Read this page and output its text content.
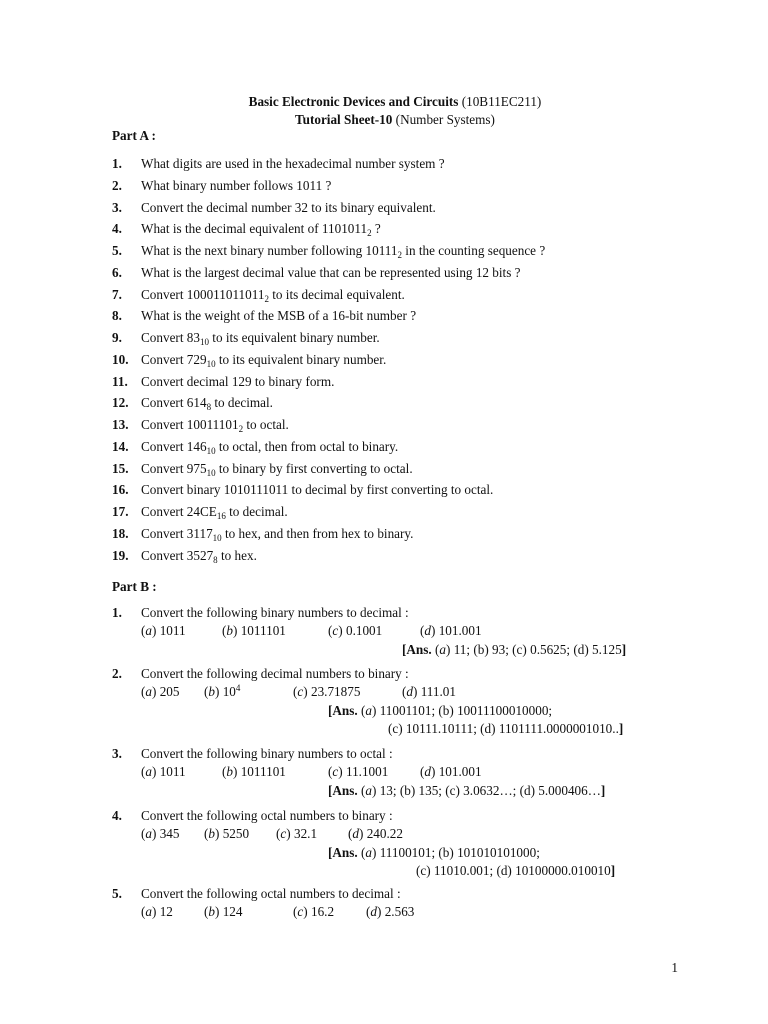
Basic Electronic Devices and Circuits (10B11EC211)
Tutorial Sheet-10 (Number Systems)
Part A :
1. What digits are used in the hexadecimal number system ?
2. What binary number follows 1011 ?
3. Convert the decimal number 32 to its binary equivalent.
4. What is the decimal equivalent of $1101011_2$ ?
5. What is the next binary number following $10111_2$ in the counting sequence ?
6. What is the largest decimal value that can be represented using 12 bits ?
7. Convert $100011011011_2$ to its decimal equivalent.
8. What is the weight of the MSB of a 16-bit number ?
9. Convert $83_{10}$ to its equivalent binary number.
10. Convert $729_{10}$ to its equivalent binary number.
11. Convert decimal 129 to binary form.
12. Convert $614_8$ to decimal.
13. Convert $10011101_2$ to octal.
14. Convert $146_{10}$ to octal, then from octal to binary.
15. Convert $975_{10}$ to binary by first converting to octal.
16. Convert binary 1010111011 to decimal by first converting to octal.
17. Convert $24CE_{16}$ to decimal.
18. Convert $3117_{10}$ to hex, and then from hex to binary.
19. Convert $3527_8$ to hex.
Part B :
1. Convert the following binary numbers to decimal :
(a) 1011	(b) 1011101	(c) 0.1001	(d) 101.001
[Ans. (a) 11; (b) 93; (c) 0.5625; (d) 5.125]
2. Convert the following decimal numbers to binary :
(a) 205 (b) $10^4$	(c) 23.71875	(d) 111.01
[Ans. (a) 11001101; (b) 10011100010000;
(c) 10111.10111; (d) 1101111.0000001010..]
3. Convert the following binary numbers to octal :
(a) 1011	(b) 1011101	(c) 11.1001 (d) 101.001
[Ans. (a) 13; (b) 135; (c) 3.0632…; (d) 5.000406…]
4. Convert the following octal numbers to binary :
(a) 345 (b) 5250 (c) 32.1 (d) 240.22
[Ans. (a) 11100101; (b) 101010101000;
(c) 11010.001; (d) 10100000.010010]
5. Convert the following octal numbers to decimal :
(a) 12 (b) 124	(c) 16.2 (d) 2.563
1
